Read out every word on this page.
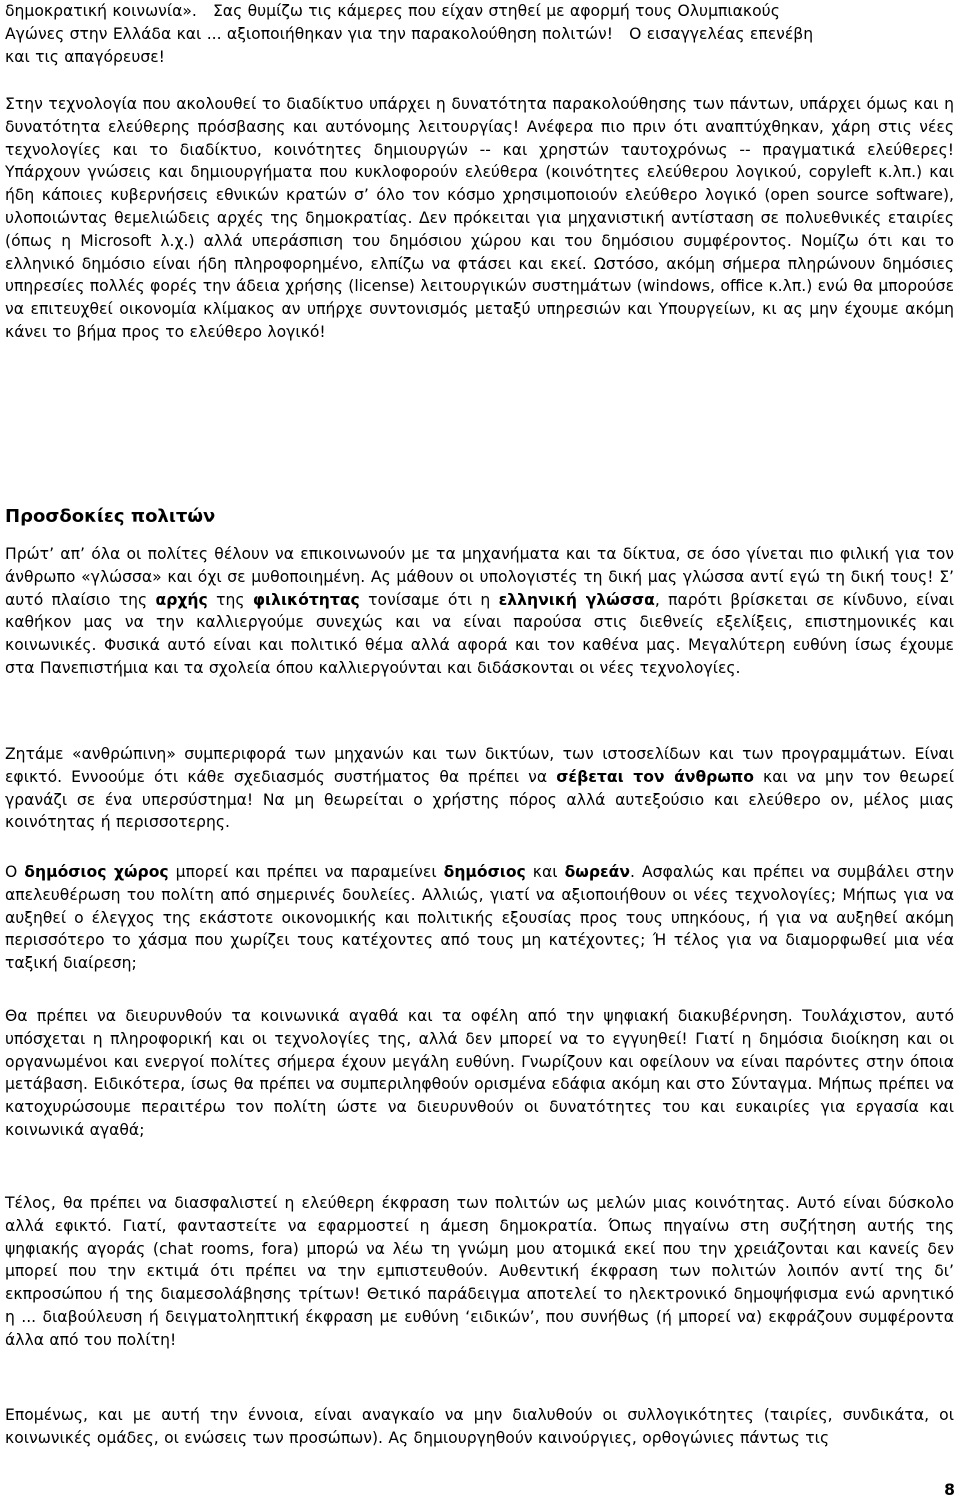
δημοκρατική κοινωνία».   Σας θυμίζω τις κάμερες που είχαν στηθεί με αφορμή τους Ολυμπιακούς
Αγώνες στην Ελλάδα και ... αξιοποιήθηκαν για την παρακολούθηση πολιτών!   Ο εισαγγελέας επενέβη
και τις απαγόρευσε!

Στην τεχνολογία που ακολουθεί το διαδίκτυο υπάρχει η δυνατότητα παρακολούθησης των πάντων, υπάρχει όμως και η δυνατότητα ελεύθερης πρόσβασης και αυτόνομης λειτουργίας! Ανέφερα πιο πριν ότι αναπτύχθηκαν, χάρη στις νέες τεχνολογίες και το διαδίκτυο, κοινότητες δημιουργών -- και χρηστών ταυτοχρόνως -- πραγματικά ελεύθερες! Υπάρχουν γνώσεις και δημιουργήματα που κυκλοφορούν ελεύθερα (κοινότητες ελεύθερου λογικού, copyleft κ.λπ.) και ήδη κάποιες κυβερνήσεις εθνικών κρατών σ’ όλο τον κόσμο χρησιμοποιούν ελεύθερο λογικό (open source software), υλοποιώντας θεμελιώδεις αρχές της δημοκρατίας. Δεν πρόκειται για μηχανιστική αντίσταση σε πολυεθνικές εταιρίες (όπως η Microsoft λ.χ.) αλλά υπεράσπιση του δημόσιου χώρου και του δημόσιου συμφέροντος. Νομίζω ότι και το ελληνικό δημόσιο είναι ήδη πληροφορημένο, ελπίζω να φτάσει και εκεί. Ωστόσο, ακόμη σήμερα πληρώνουν δημόσιες υπηρεσίες πολλές φορές την άδεια χρήσης (license) λειτουργικών συστημάτων (windows, office κ.λπ.) ενώ θα μπορούσε να επιτευχθεί οικονομία κλίμακος αν υπήρχε συντονισμός μεταξύ υπηρεσιών και Υπουργείων, κι ας μην έχουμε ακόμη κάνει το βήμα προς το ελεύθερο λογικό!

Προσδοκίες πολιτών

Πρώτ’ απ’ όλα οι πολίτες θέλουν να επικοινωνούν με τα μηχανήματα και τα δίκτυα, σε όσο γίνεται πιο φιλική για τον άνθρωπο «γλώσσα» και όχι σε μυθοποιημένη. Ας μάθουν οι υπολογιστές τη δική μας γλώσσα αντί εγώ τη δική τους! Σ’ αυτό πλαίσιο της αρχής της φιλικότητας τονίσαμε ότι η ελληνική γλώσσα, παρότι βρίσκεται σε κίνδυνο, είναι καθήκον μας να την καλλιεργούμε συνεχώς και να είναι παρούσα στις διεθνείς εξελίξεις, επιστημονικές και κοινωνικές. Φυσικά αυτό είναι και πολιτικό θέμα αλλά αφορά και τον καθένα μας. Μεγαλύτερη ευθύνη ίσως έχουμε στα Πανεπιστήμια και τα σχολεία όπου καλλιεργούνται και διδάσκονται οι νέες τεχνολογίες.

Ζητάμε «ανθρώπινη» συμπεριφορά των μηχανών και των δικτύων, των ιστοσελίδων και των προγραμμάτων. Είναι εφικτό. Εννοούμε ότι κάθε σχεδιασμός συστήματος θα πρέπει να σέβεται τον άνθρωπο και να μην τον θεωρεί γρανάζι σε ένα υπερσύστημα! Να μη θεωρείται ο χρήστης πόρος αλλά αυτεξούσιο και ελεύθερο ον, μέλος μιας κοινότητας ή περισσοτερης.

Ο δημόσιος χώρος μπορεί και πρέπει να παραμείνει δημόσιος και δωρεάν. Ασφαλώς και πρέπει να συμβάλει στην απελευθέρωση του πολίτη από σημερινές δουλείες. Αλλιώς, γιατί να αξιοποιήθουν οι νέες τεχνολογίες; Μήπως για να αυξηθεί ο έλεγχος της εκάστοτε οικονομικής και πολιτικής εξουσίας προς τους υπηκόους, ή για να αυξηθεί ακόμη περισσότερο το χάσμα που χωρίζει τους κατέχοντες από τους μη κατέχοντες; Ή τέλος για να διαμορφωθεί μια νέα ταξική διαίρεση;

Θα πρέπει να διευρυνθούν τα κοινωνικά αγαθά και τα οφέλη από την ψηφιακή διακυβέρνηση. Τουλάχιστον, αυτό υπόσχεται η πληροφορική και οι τεχνολογίες της, αλλά δεν μπορεί να το εγγυηθεί! Γιατί η δημόσια διοίκηση και οι οργανωμένοι και ενεργοί πολίτες σήμερα έχουν μεγάλη ευθύνη. Γνωρίζουν και οφείλουν να είναι παρόντες στην όποια μετάβαση. Ειδικότερα, ίσως θα πρέπει να συμπεριληφθούν ορισμένα εδάφια ακόμη και στο Σύνταγμα. Μήπως πρέπει να κατοχυρώσουμε περαιτέρω τον πολίτη ώστε να διευρυνθούν οι δυνατότητες του και ευκαιρίες για εργασία και κοινωνικά αγαθά;

Τέλος, θα πρέπει να διασφαλιστεί η ελεύθερη έκφραση των πολιτών ως μελών μιας κοινότητας. Αυτό είναι δύσκολο αλλά εφικτό. Γιατί, φανταστείτε να εφαρμοστεί η άμεση δημοκρατία. Όπως πηγαίνω στη συζήτηση αυτής της ψηφιακής αγοράς (chat rooms, fora) μπορώ να λέω τη γνώμη μου ατομικά εκεί που την χρειάζονται και κανείς δεν μπορεί που την εκτιμά ότι πρέπει να την εμπιστευθούν. Αυθεντική έκφραση των πολιτών λοιπόν αντί της δι’ εκπροσώπου ή της διαμεσολάβησης τρίτων! Θετικό παράδειγμα αποτελεί το ηλεκτρονικό δημοψήφισμα ενώ αρνητικό η ... διαβούλευση ή δειγματοληπτική έκφραση με ευθύνη ‘ειδικών’, που συνήθως (ή μπορεί να) εκφράζουν συμφέροντα άλλα από του πολίτη!

Επομένως, και με αυτή την έννοια, είναι αναγκαίο να μην διαλυθούν οι συλλογικότητες (ταιρίες, συνδικάτα, οι κοινωνικές ομάδες, οι ενώσεις των προσώπων). Ας δημιουργηθούν καινούργιες, ορθογώνιες πάντως τις

8
